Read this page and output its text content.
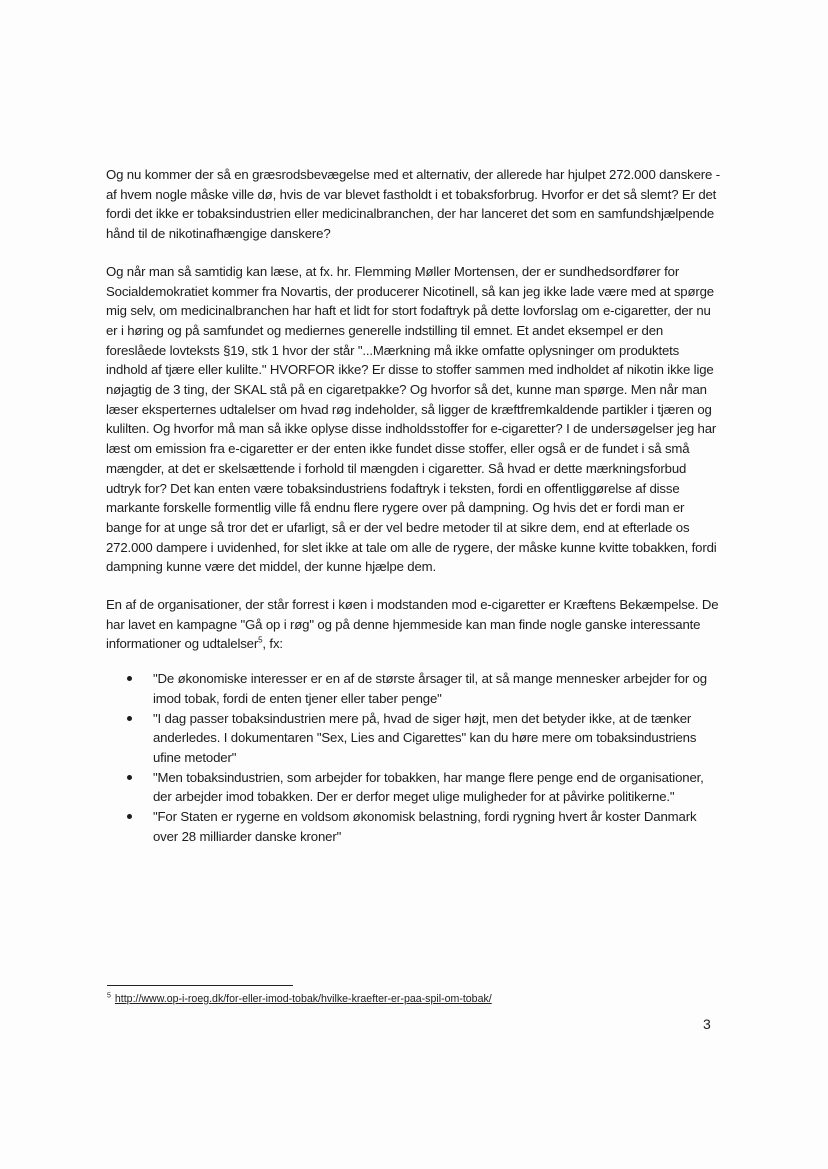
Og nu kommer der så en græsrodsbevægelse med et alternativ, der allerede har hjulpet 272.000 danskere - af hvem nogle måske ville dø, hvis de var blevet fastholdt i et tobaksforbrug. Hvorfor er det så slemt? Er det fordi det ikke er tobaksindustrien eller medicinalbranchen, der har lanceret det som en samfundshjælpende hånd til de nikotinafhængige danskere?

Og når man så samtidig kan læse, at fx. hr. Flemming Møller Mortensen, der er sundhedsordfører for Socialdemokratiet kommer fra Novartis, der producerer Nicotinell, så kan jeg ikke lade være med at spørge mig selv, om medicinalbranchen har haft et lidt for stort fodaftryk på dette lovforslag om e-cigaretter, der nu er i høring og på samfundet og mediernes generelle indstilling til emnet. Et andet eksempel er den foreslåede lovteksts §19, stk 1 hvor der står "...Mærkning må ikke omfatte oplysninger om produktets indhold af tjære eller kulilte." HVORFOR ikke? Er disse to stoffer sammen med indholdet af nikotin ikke lige nøjagtig de 3 ting, der SKAL stå på en cigaretpakke? Og hvorfor så det, kunne man spørge. Men når man læser eksperternes udtalelser om hvad røg indeholder, så ligger de kræftfremkaldende partikler i tjæren og kulilten. Og hvorfor må man så ikke oplyse disse indholdsstoffer for e-cigaretter? I de undersøgelser jeg har læst om emission fra e-cigaretter er der enten ikke fundet disse stoffer, eller også er de fundet i så små mængder, at det er skelsættende i forhold til mængden i cigaretter. Så hvad er dette mærkningsforbud udtryk for? Det kan enten være tobaksindustriens fodaftryk i teksten, fordi en offentliggørelse af disse markante forskelle formentlig ville få endnu flere rygere over på dampning. Og hvis det er fordi man er bange for at unge så tror det er ufarligt, så er der vel bedre metoder til at sikre dem, end at efterlade os 272.000 dampere i uvidenhed, for slet ikke at tale om alle de rygere, der måske kunne kvitte tobakken, fordi dampning kunne være det middel, der kunne hjælpe dem.

En af de organisationer, der står forrest i køen i modstanden mod e-cigaretter er Kræftens Bekæmpelse. De har lavet en kampagne "Gå op i røg" og på denne hjemmeside kan man finde nogle ganske interessante informationer og udtalelser$^5$, fx:

"De økonomiske interesser er en af de største årsager til, at så mange mennesker arbejder for og imod tobak, fordi de enten tjener eller taber penge"
"I dag passer tobaksindustrien mere på, hvad de siger højt, men det betyder ikke, at de tænker anderledes. I dokumentaren "Sex, Lies and Cigarettes" kan du høre mere om tobaksindustriens ufine metoder"
"Men tobaksindustrien, som arbejder for tobakken, har mange flere penge end de organisationer, der arbejder imod tobakken. Der er derfor meget ulige muligheder for at påvirke politikerne."
"For Staten er rygerne en voldsom økonomisk belastning, fordi rygning hvert år koster Danmark over 28 milliarder danske kroner"
$^5$ http://www.op-i-roeg.dk/for-eller-imod-tobak/hvilke-kraefter-er-paa-spil-om-tobak/
3
